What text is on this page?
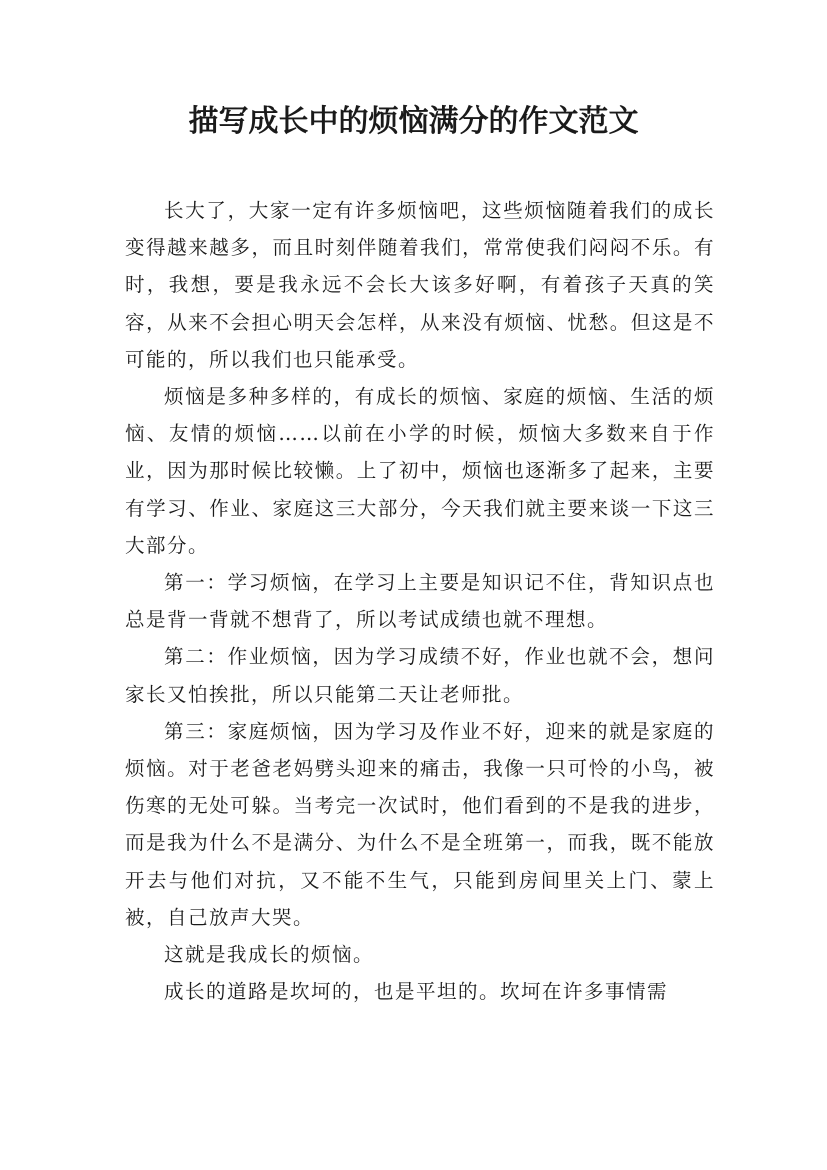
描写成长中的烦恼满分的作文范文

长大了，大家一定有许多烦恼吧，这些烦恼随着我们的成长变得越来越多，而且时刻伴随着我们，常常使我们闷闷不乐。有时，我想，要是我永远不会长大该多好啊，有着孩子天真的笑容，从来不会担心明天会怎样，从来没有烦恼、忧愁。但这是不可能的，所以我们也只能承受。

烦恼是多种多样的，有成长的烦恼、家庭的烦恼、生活的烦恼、友情的烦恼……以前在小学的时候，烦恼大多数来自于作业，因为那时候比较懒。上了初中，烦恼也逐渐多了起来，主要有学习、作业、家庭这三大部分，今天我们就主要来谈一下这三大部分。

第一：学习烦恼，在学习上主要是知识记不住，背知识点也总是背一背就不想背了，所以考试成绩也就不理想。

第二：作业烦恼，因为学习成绩不好，作业也就不会，想问家长又怕挨批，所以只能第二天让老师批。

第三：家庭烦恼，因为学习及作业不好，迎来的就是家庭的烦恼。对于老爸老妈劈头迎来的痛击，我像一只可怜的小鸟，被伤寒的无处可躲。当考完一次试时，他们看到的不是我的进步，而是我为什么不是满分、为什么不是全班第一，而我，既不能放开去与他们对抗，又不能不生气，只能到房间里关上门、蒙上被，自己放声大哭。

这就是我成长的烦恼。

成长的道路是坎坷的，也是平坦的。坎坷在许多事情需
